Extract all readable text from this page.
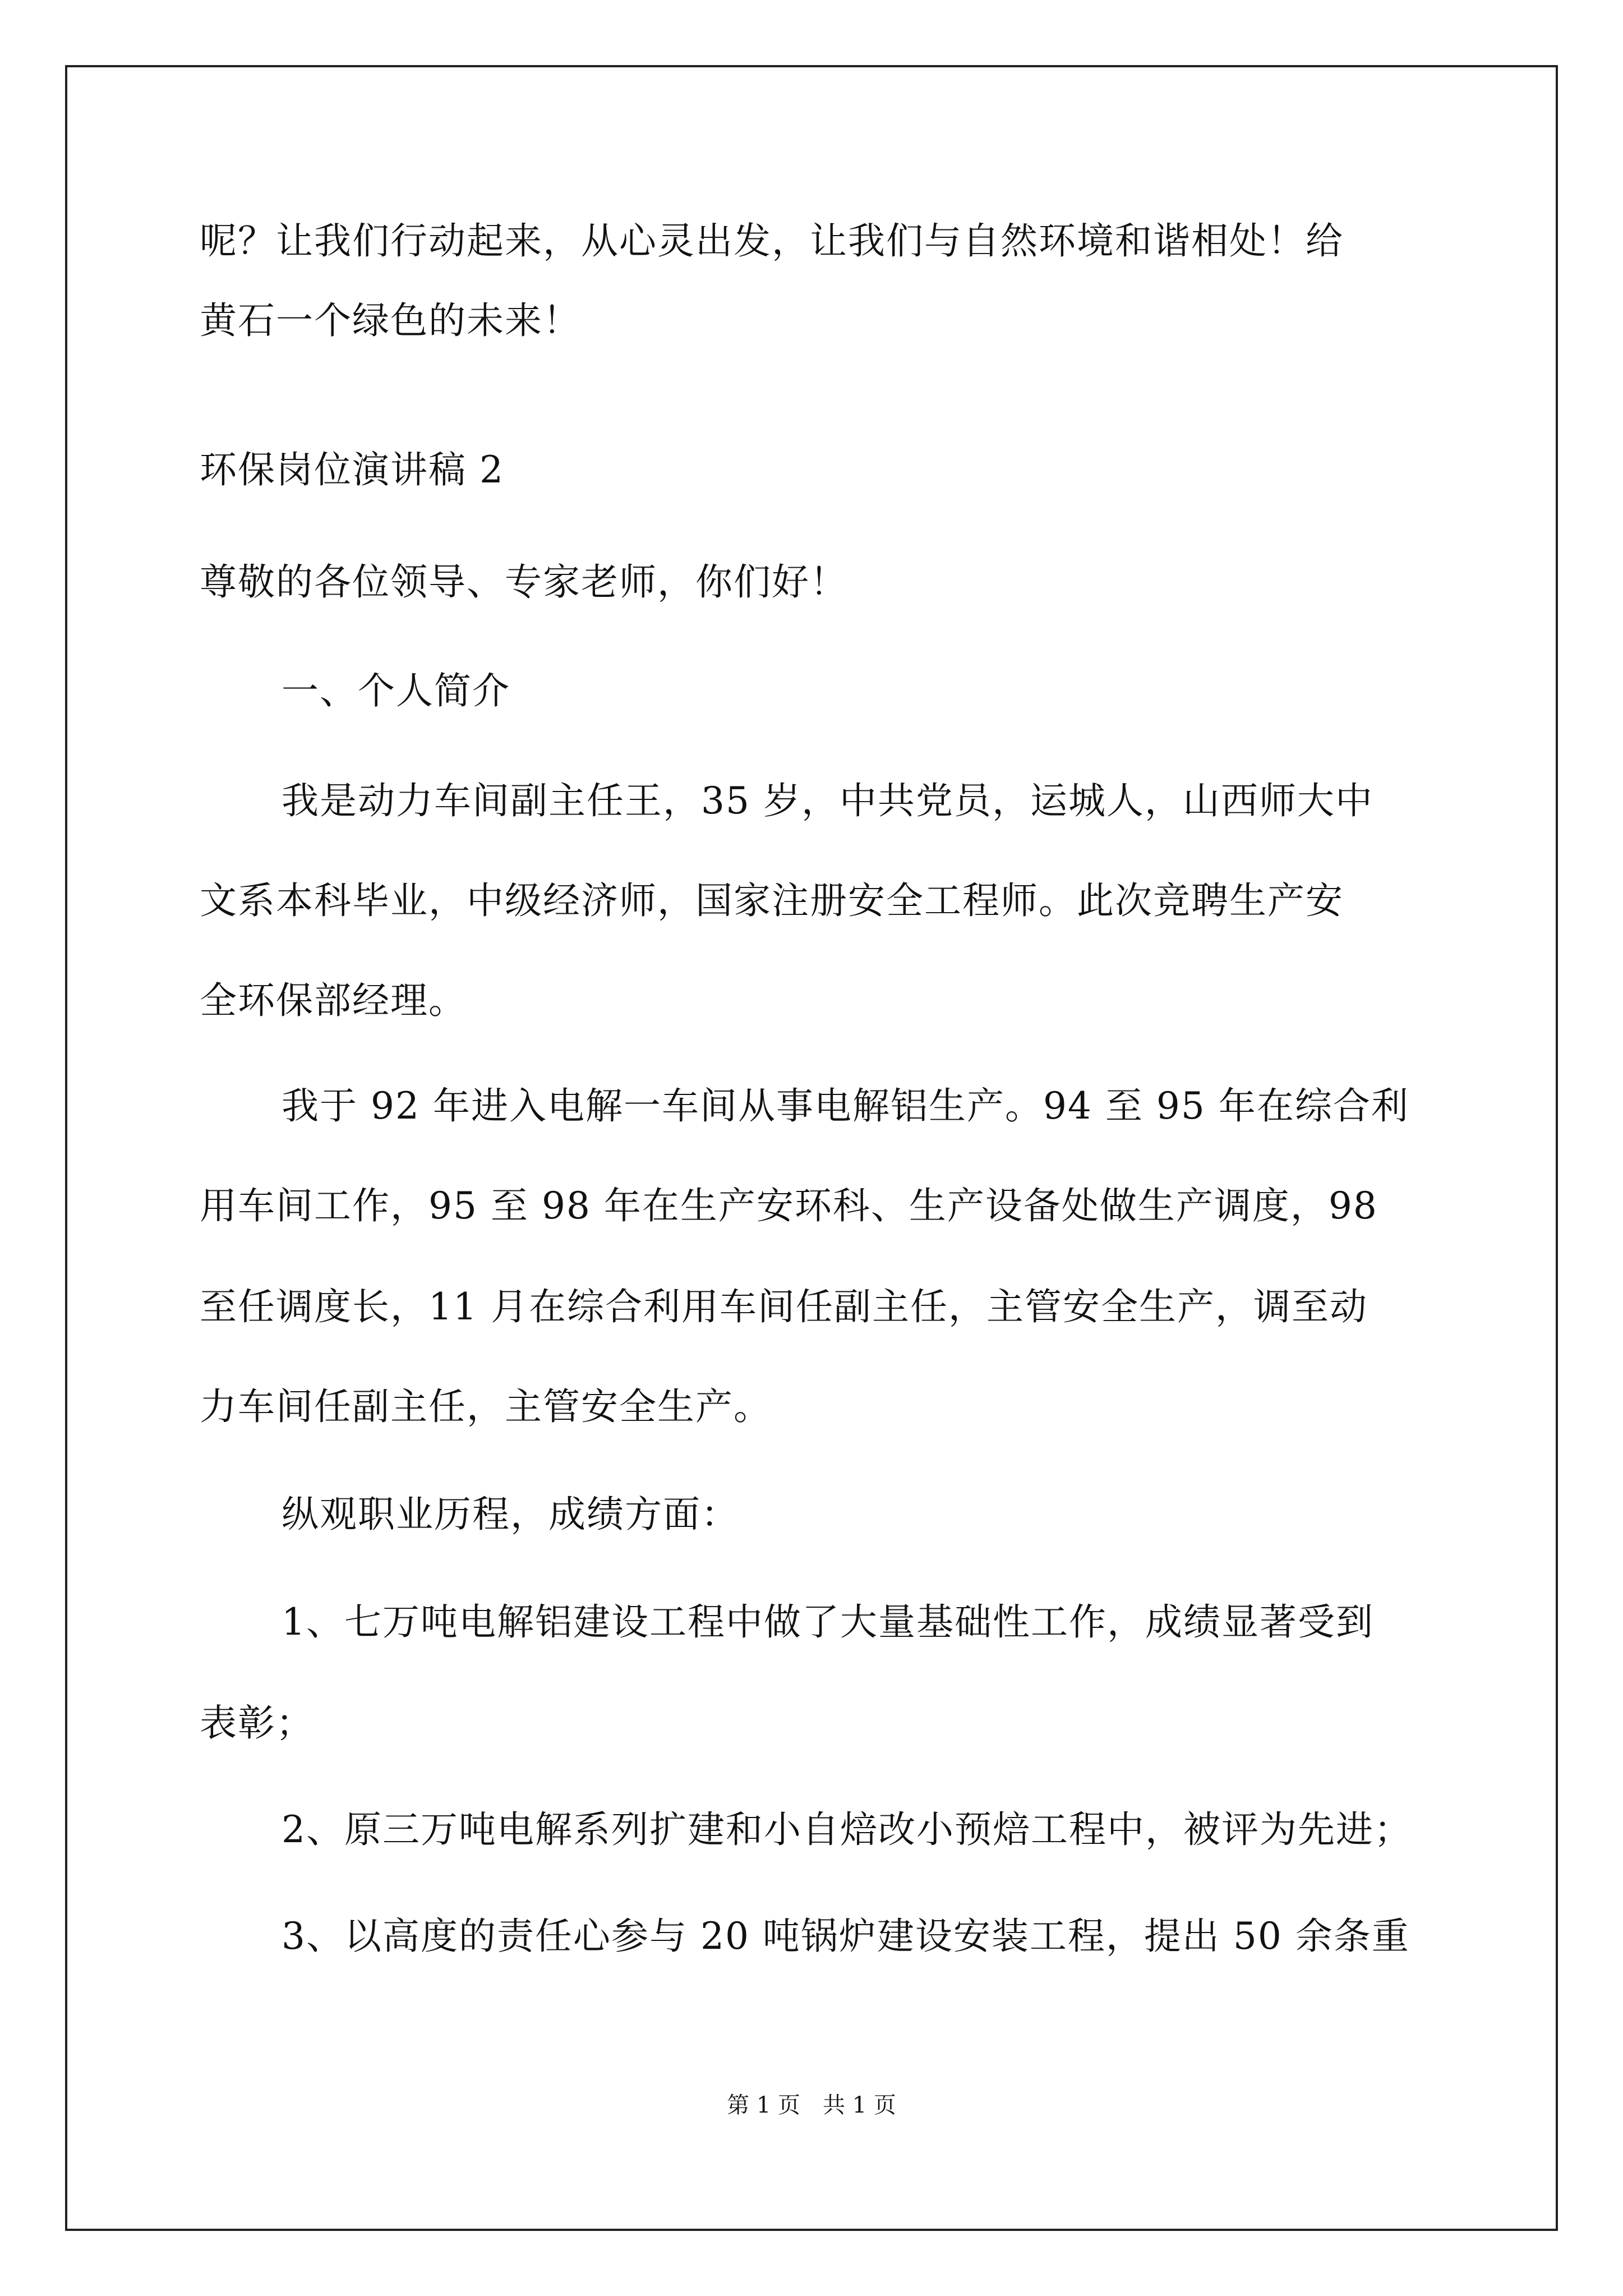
呢？让我们行动起来，从心灵出发，让我们与自然环境和谐相处！给
黄石一个绿色的未来！
环保岗位演讲稿 2
尊敬的各位领导、专家老师，你们好！
一、个人简介
我是动力车间副主任王，35 岁，中共党员，运城人，山西师大中
文系本科毕业，中级经济师，国家注册安全工程师。此次竞聘生产安
全环保部经理。
我于 92 年进入电解一车间从事电解铝生产。94 至 95 年在综合利
用车间工作，95 至 98 年在生产安环科、生产设备处做生产调度，98
至任调度长，11 月在综合利用车间任副主任，主管安全生产，调至动
力车间任副主任，主管安全生产。
纵观职业历程，成绩方面：
1、七万吨电解铝建设工程中做了大量基础性工作，成绩显著受到
表彰；
2、原三万吨电解系列扩建和小自焙改小预焙工程中，被评为先进；
3、以高度的责任心参与 20 吨锅炉建设安装工程，提出 50 余条重
第 1 页　共 1 页
